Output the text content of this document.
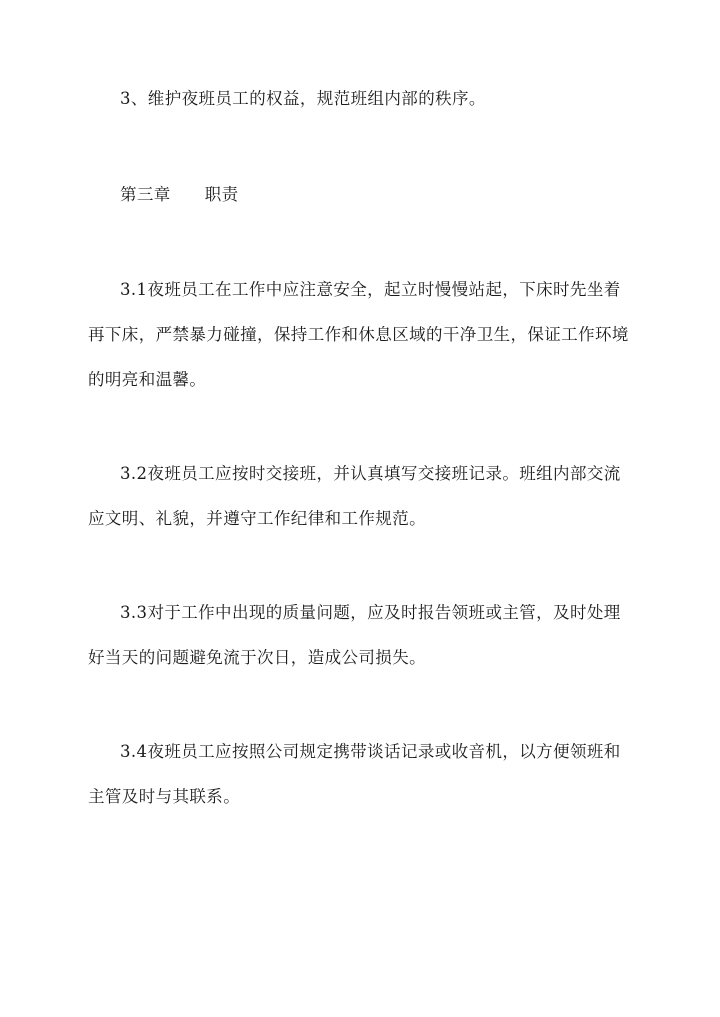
3、维护夜班员工的权益，规范班组内部的秩序。

第三章 职责

3.1夜班员工在工作中应注意安全，起立时慢慢站起，下床时先坐着
再下床，严禁暴力碰撞，保持工作和休息区域的干净卫生，保证工作环境
的明亮和温馨。

3.2夜班员工应按时交接班，并认真填写交接班记录。班组内部交流
应文明、礼貌，并遵守工作纪律和工作规范。

3.3对于工作中出现的质量问题，应及时报告领班或主管，及时处理
好当天的问题避免流于次日，造成公司损失。

3.4夜班员工应按照公司规定携带谈话记录或收音机，以方便领班和
主管及时与其联系。
